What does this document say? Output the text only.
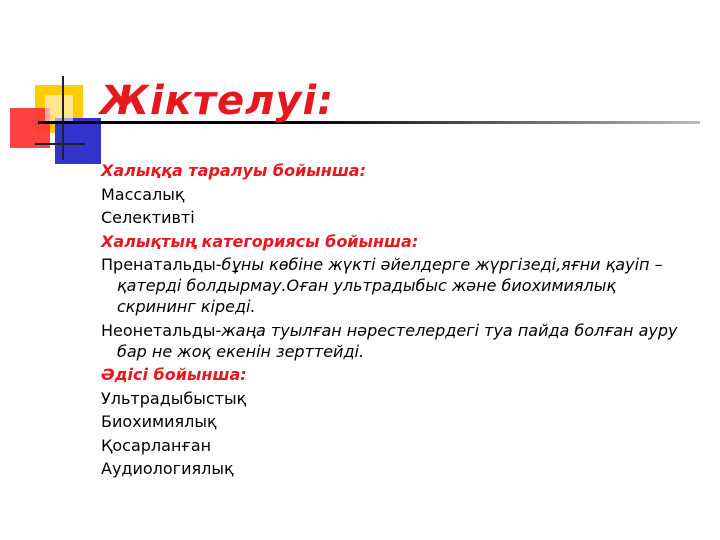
Жіктелуі:

Халыққа таралуы бойынша:

Массалық

Селективті

Халықтың категориясы бойынша:

Пренатальды-бұны көбіне жүкті әйелдерге жүргізеді,яғни қауіп – қатерді болдырмау.Оған ультрадыбыс және биохимиялық скрининг кіреді.

Неонетальды-жаңа туылған нәрестелердегі туа пайда болған ауру бар не жоқ екенін зерттейді.

Әдісі бойынша:

Ультрадыбыстық

Биохимиялық

Қосарланған

Аудиологиялық
